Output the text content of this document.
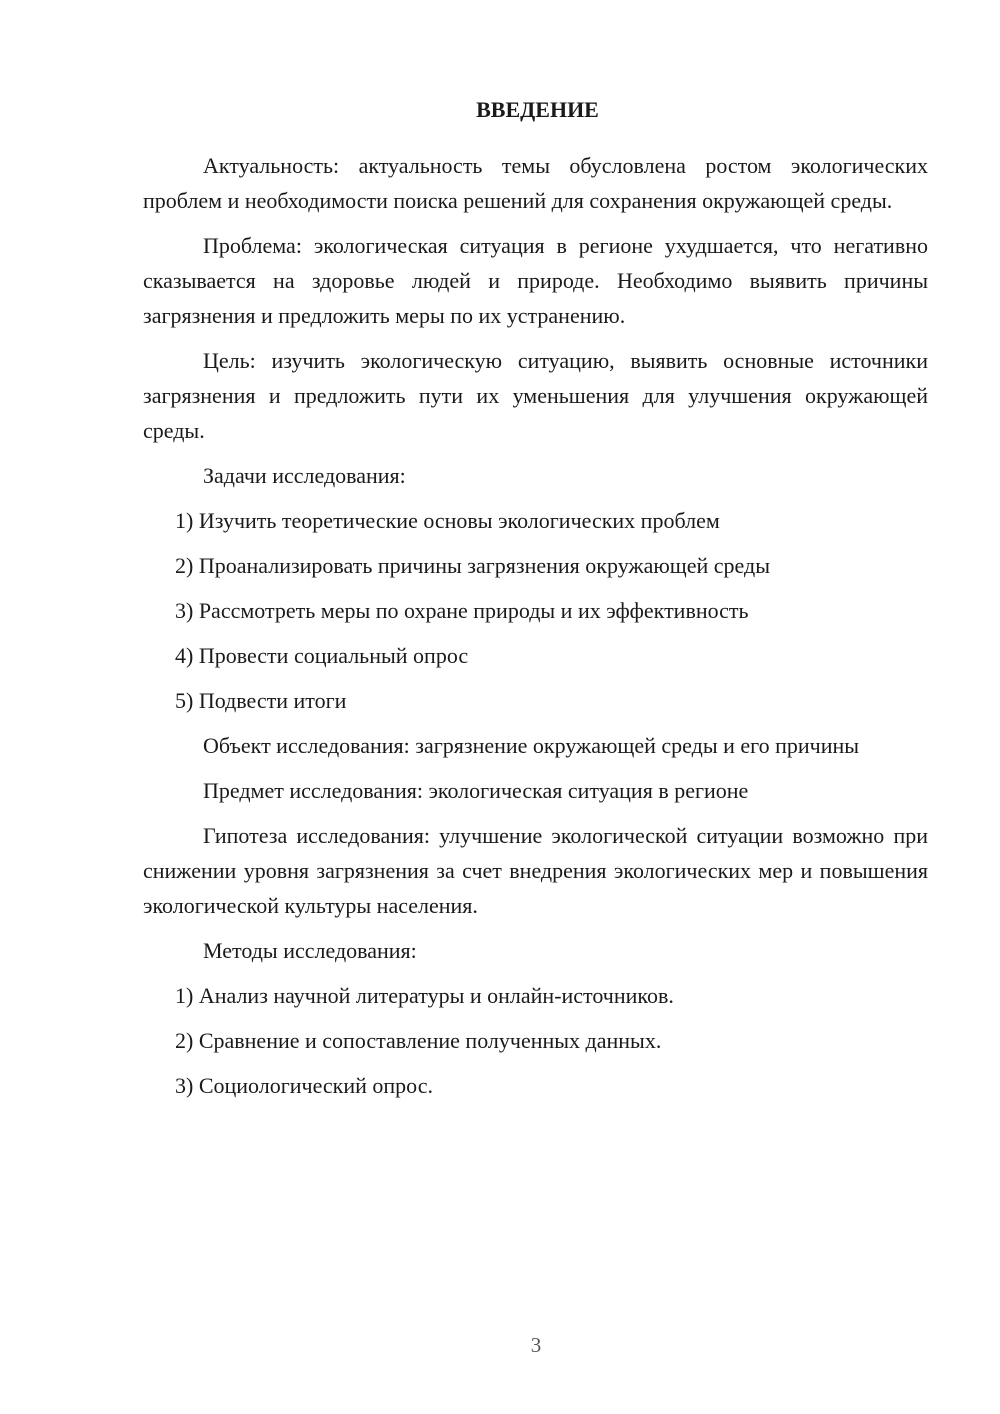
ВВЕДЕНИЕ

Актуальность: актуальность темы обусловлена ростом экологических проблем и необходимости поиска решений для сохранения окружающей среды.

Проблема: экологическая ситуация в регионе ухудшается, что негативно сказывается на здоровье людей и природе. Необходимо выявить причины загрязнения и предложить меры по их устранению.

Цель: изучить экологическую ситуацию, выявить основные источники загрязнения и предложить пути их уменьшения для улучшения окружающей среды.

Задачи исследования:
1) Изучить теоретические основы экологических проблем
2) Проанализировать причины загрязнения окружающей среды
3) Рассмотреть меры по охране природы и их эффективность
4) Провести социальный опрос
5) Подвести итоги

Объект исследования: загрязнение окружающей среды и его причины

Предмет исследования: экологическая ситуация в регионе

Гипотеза исследования: улучшение экологической ситуации возможно при снижении уровня загрязнения за счет внедрения экологических мер и повышения экологической культуры населения.

Методы исследования:
1) Анализ научной литературы и онлайн-источников.
2) Сравнение и сопоставление полученных данных.
3) Социологический опрос.
3
